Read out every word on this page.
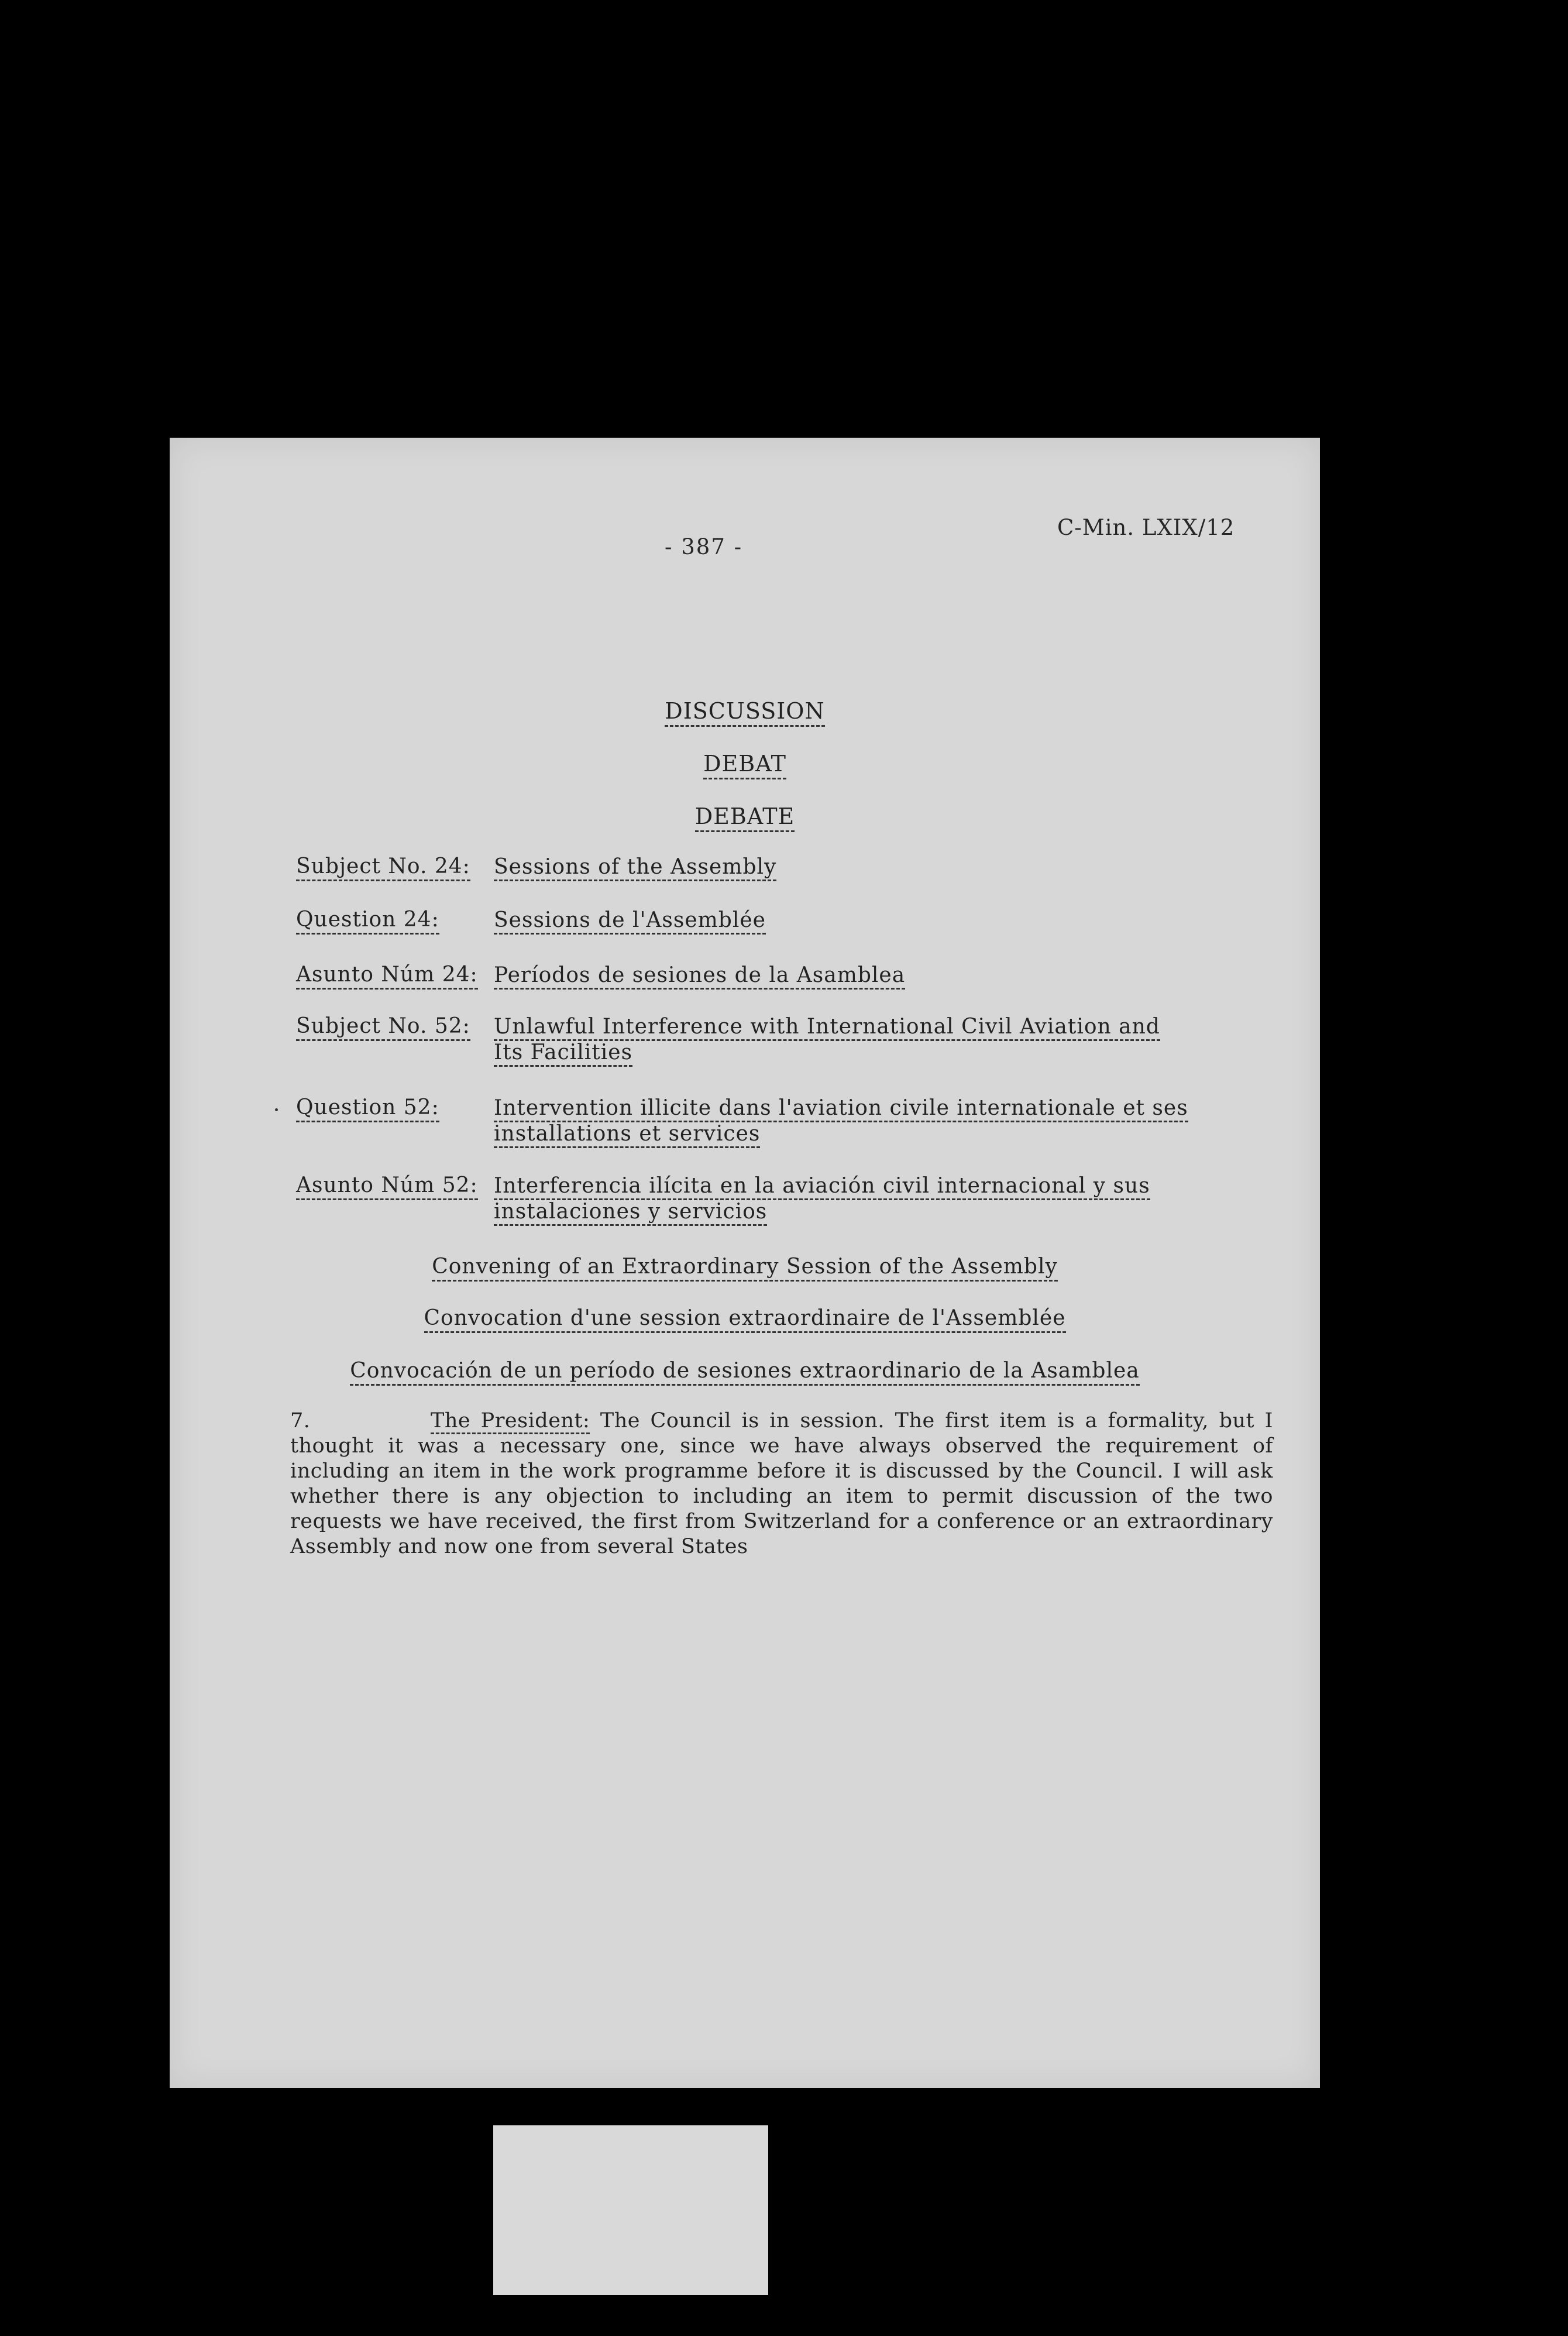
C-Min. LXIX/12
- 387 -
DISCUSSION
DEBAT
DEBATE
Subject No. 24: Sessions of the Assembly
Question 24:	Sessions de l'Assemblée
Asunto Núm 24: Períodos de sesiones de la Asamblea
Subject No. 52: Unlawful Interference with International Civil Aviation and Its Facilities
Question 52:	Intervention illicite dans l'aviation civile internationale et ses installations et services
Asunto Núm 52: Interferencia ilícita en la aviación civil internacional y sus instalaciones y servicios
Convening of an Extraordinary Session of the Assembly
Convocation d'une session extraordinaire de l'Assemblée
Convocación de un período de sesiones extraordinario de la Asamblea
7.	The President: The Council is in session. The first item is a formality, but I thought it was a necessary one, since we have always observed the requirement of including an item in the work programme before it is discussed by the Council. I will ask whether there is any objection to including an item to permit discussion of the two requests we have received, the first from Switzerland for a conference or an extraordinary Assembly and now one from several States
